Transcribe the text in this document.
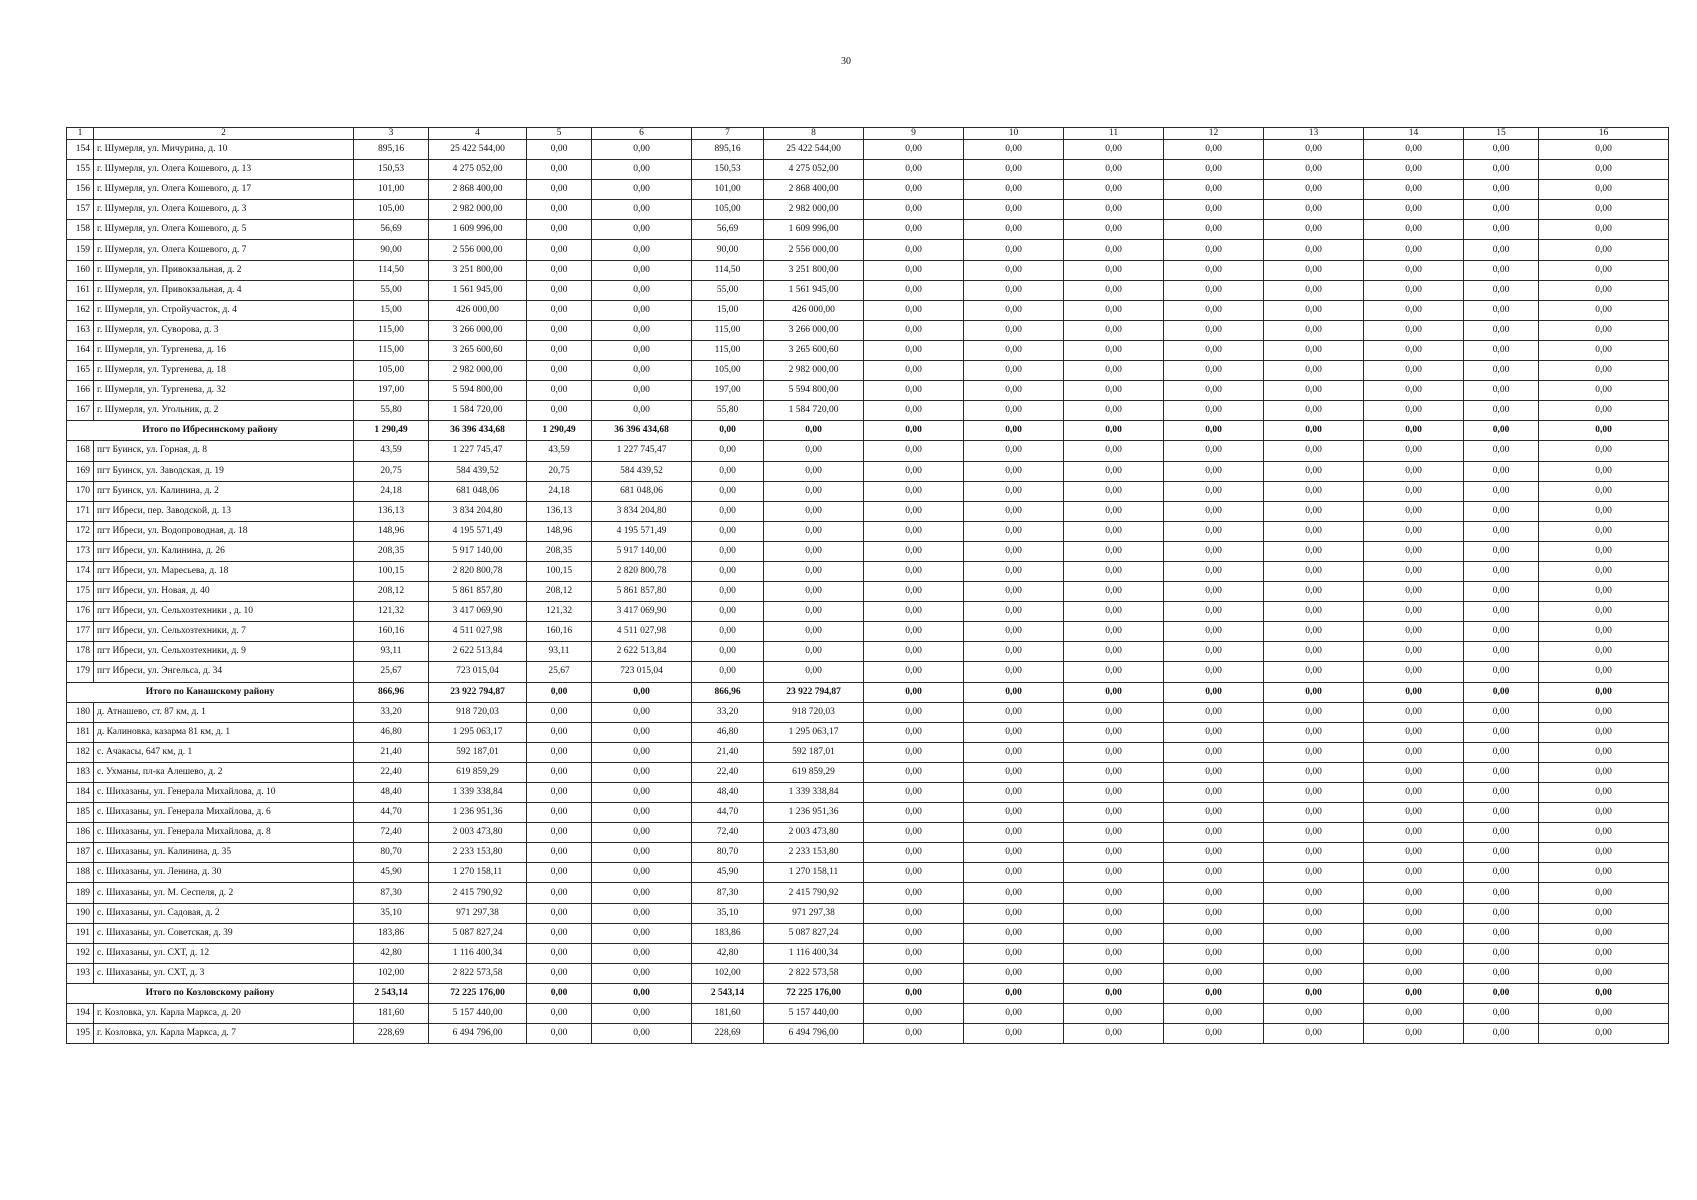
30
1	2	3	4	5	6	7	8	9	10	11	12	13	14	15	16
154	г. Шумерля, ул. Мичурина, д. 10	895,16	25 422 544,00	0,00	0,00	895,16	25 422 544,00	0,00	0,00	0,00	0,00	0,00	0,00	0,00	0,00
155	г. Шумерля, ул. Олега Кошевого, д. 13	150,53	4 275 052,00	0,00	0,00	150,53	4 275 052,00	0,00	0,00	0,00	0,00	0,00	0,00	0,00	0,00
156	г. Шумерля, ул. Олега Кошевого, д. 17	101,00	2 868 400,00	0,00	0,00	101,00	2 868 400,00	0,00	0,00	0,00	0,00	0,00	0,00	0,00	0,00
157	г. Шумерля, ул. Олега Кошевого, д. 3	105,00	2 982 000,00	0,00	0,00	105,00	2 982 000,00	0,00	0,00	0,00	0,00	0,00	0,00	0,00	0,00
158	г. Шумерля, ул. Олега Кошевого, д. 5	56,69	1 609 996,00	0,00	0,00	56,69	1 609 996,00	0,00	0,00	0,00	0,00	0,00	0,00	0,00	0,00
159	г. Шумерля, ул. Олега Кошевого, д. 7	90,00	2 556 000,00	0,00	0,00	90,00	2 556 000,00	0,00	0,00	0,00	0,00	0,00	0,00	0,00	0,00
160	г. Шумерля, ул. Привокзальная, д. 2	114,50	3 251 800,00	0,00	0,00	114,50	3 251 800,00	0,00	0,00	0,00	0,00	0,00	0,00	0,00	0,00
161	г. Шумерля, ул. Привокзальная, д. 4	55,00	1 561 945,00	0,00	0,00	55,00	1 561 945,00	0,00	0,00	0,00	0,00	0,00	0,00	0,00	0,00
162	г. Шумерля, ул. Стройучасток, д. 4	15,00	426 000,00	0,00	0,00	15,00	426 000,00	0,00	0,00	0,00	0,00	0,00	0,00	0,00	0,00
163	г. Шумерля, ул. Суворова, д. 3	115,00	3 266 000,00	0,00	0,00	115,00	3 266 000,00	0,00	0,00	0,00	0,00	0,00	0,00	0,00	0,00
164	г. Шумерля, ул. Тургенева, д. 16	115,00	3 265 600,60	0,00	0,00	115,00	3 265 600,60	0,00	0,00	0,00	0,00	0,00	0,00	0,00	0,00
165	г. Шумерля, ул. Тургенева, д. 18	105,00	2 982 000,00	0,00	0,00	105,00	2 982 000,00	0,00	0,00	0,00	0,00	0,00	0,00	0,00	0,00
166	г. Шумерля, ул. Тургенева, д. 32	197,00	5 594 800,00	0,00	0,00	197,00	5 594 800,00	0,00	0,00	0,00	0,00	0,00	0,00	0,00	0,00
167	г. Шумерля, ул. Угольник, д. 2	55,80	1 584 720,00	0,00	0,00	55,80	1 584 720,00	0,00	0,00	0,00	0,00	0,00	0,00	0,00	0,00
Итого по Ибресинскому району		1 290,49	36 396 434,68	1 290,49	36 396 434,68	0,00	0,00	0,00	0,00	0,00	0,00	0,00	0,00	0,00	0,00
168	пгт Буинск, ул. Горная, д. 8	43,59	1 227 745,47	43,59	1 227 745,47	0,00	0,00	0,00	0,00	0,00	0,00	0,00	0,00	0,00	0,00
169	пгт Буинск, ул. Заводская, д. 19	20,75	584 439,52	20,75	584 439,52	0,00	0,00	0,00	0,00	0,00	0,00	0,00	0,00	0,00	0,00
170	пгт Буинск, ул. Калинина, д. 2	24,18	681 048,06	24,18	681 048,06	0,00	0,00	0,00	0,00	0,00	0,00	0,00	0,00	0,00	0,00
171	пгт Ибреси, пер. Заводской, д. 13	136,13	3 834 204,80	136,13	3 834 204,80	0,00	0,00	0,00	0,00	0,00	0,00	0,00	0,00	0,00	0,00
172	пгт Ибреси, ул. Водопроводная, д. 18	148,96	4 195 571,49	148,96	4 195 571,49	0,00	0,00	0,00	0,00	0,00	0,00	0,00	0,00	0,00	0,00
173	пгт Ибреси, ул. Калинина, д. 26	208,35	5 917 140,00	208,35	5 917 140,00	0,00	0,00	0,00	0,00	0,00	0,00	0,00	0,00	0,00	0,00
174	пгт Ибреси, ул. Маресьева, д. 18	100,15	2 820 800,78	100,15	2 820 800,78	0,00	0,00	0,00	0,00	0,00	0,00	0,00	0,00	0,00	0,00
175	пгт Ибреси, ул. Новая, д. 40	208,12	5 861 857,80	208,12	5 861 857,80	0,00	0,00	0,00	0,00	0,00	0,00	0,00	0,00	0,00	0,00
176	пгт Ибреси, ул. Сельхозтехники , д. 10	121,32	3 417 069,90	121,32	3 417 069,90	0,00	0,00	0,00	0,00	0,00	0,00	0,00	0,00	0,00	0,00
177	пгт Ибреси, ул. Сельхозтехники, д. 7	160,16	4 511 027,98	160,16	4 511 027,98	0,00	0,00	0,00	0,00	0,00	0,00	0,00	0,00	0,00	0,00
178	пгт Ибреси, ул. Сельхозтехники, д. 9	93,11	2 622 513,84	93,11	2 622 513,84	0,00	0,00	0,00	0,00	0,00	0,00	0,00	0,00	0,00	0,00
179	пгт Ибреси, ул. Энгельса, д. 34	25,67	723 015,04	25,67	723 015,04	0,00	0,00	0,00	0,00	0,00	0,00	0,00	0,00	0,00	0,00
Итого по Канашскому району		866,96	23 922 794,87	0,00	0,00	866,96	23 922 794,87	0,00	0,00	0,00	0,00	0,00	0,00	0,00	0,00
180	д. Атнашево, ст. 87 км, д. 1	33,20	918 720,03	0,00	0,00	33,20	918 720,03	0,00	0,00	0,00	0,00	0,00	0,00	0,00	0,00
181	д. Калиновка, казарма 81 км, д. 1	46,80	1 295 063,17	0,00	0,00	46,80	1 295 063,17	0,00	0,00	0,00	0,00	0,00	0,00	0,00	0,00
182	с. Ачакасы, 647 км, д. 1	21,40	592 187,01	0,00	0,00	21,40	592 187,01	0,00	0,00	0,00	0,00	0,00	0,00	0,00	0,00
183	с. Ухманы, пл-ка Алешево, д. 2	22,40	619 859,29	0,00	0,00	22,40	619 859,29	0,00	0,00	0,00	0,00	0,00	0,00	0,00	0,00
184	с. Шихазаны, ул. Генерала Михайлова, д. 10	48,40	1 339 338,84	0,00	0,00	48,40	1 339 338,84	0,00	0,00	0,00	0,00	0,00	0,00	0,00	0,00
185	с. Шихазаны, ул. Генерала Михайлова, д. 6	44,70	1 236 951,36	0,00	0,00	44,70	1 236 951,36	0,00	0,00	0,00	0,00	0,00	0,00	0,00	0,00
186	с. Шихазаны, ул. Генерала Михайлова, д. 8	72,40	2 003 473,80	0,00	0,00	72,40	2 003 473,80	0,00	0,00	0,00	0,00	0,00	0,00	0,00	0,00
187	с. Шихазаны, ул. Калинина, д. 35	80,70	2 233 153,80	0,00	0,00	80,70	2 233 153,80	0,00	0,00	0,00	0,00	0,00	0,00	0,00	0,00
188	с. Шихазаны, ул. Ленина, д. 30	45,90	1 270 158,11	0,00	0,00	45,90	1 270 158,11	0,00	0,00	0,00	0,00	0,00	0,00	0,00	0,00
189	с. Шихазаны, ул. М. Сеспеля, д. 2	87,30	2 415 790,92	0,00	0,00	87,30	2 415 790,92	0,00	0,00	0,00	0,00	0,00	0,00	0,00	0,00
190	с. Шихазаны, ул. Садовая, д. 2	35,10	971 297,38	0,00	0,00	35,10	971 297,38	0,00	0,00	0,00	0,00	0,00	0,00	0,00	0,00
191	с. Шихазаны, ул. Советская, д. 39	183,86	5 087 827,24	0,00	0,00	183,86	5 087 827,24	0,00	0,00	0,00	0,00	0,00	0,00	0,00	0,00
192	с. Шихазаны, ул. СХТ, д. 12	42,80	1 116 400,34	0,00	0,00	42,80	1 116 400,34	0,00	0,00	0,00	0,00	0,00	0,00	0,00	0,00
193	с. Шихазаны, ул. СХТ, д. 3	102,00	2 822 573,58	0,00	0,00	102,00	2 822 573,58	0,00	0,00	0,00	0,00	0,00	0,00	0,00	0,00
Итого по Козловскому району		2 543,14	72 225 176,00	0,00	0,00	2 543,14	72 225 176,00	0,00	0,00	0,00	0,00	0,00	0,00	0,00	0,00
194	г. Козловка, ул. Карла Маркса, д. 20	181,60	5 157 440,00	0,00	0,00	181,60	5 157 440,00	0,00	0,00	0,00	0,00	0,00	0,00	0,00	0,00
195	г. Козловка, ул. Карла Маркса, д. 7	228,69	6 494 796,00	0,00	0,00	228,69	6 494 796,00	0,00	0,00	0,00	0,00	0,00	0,00	0,00	0,00
